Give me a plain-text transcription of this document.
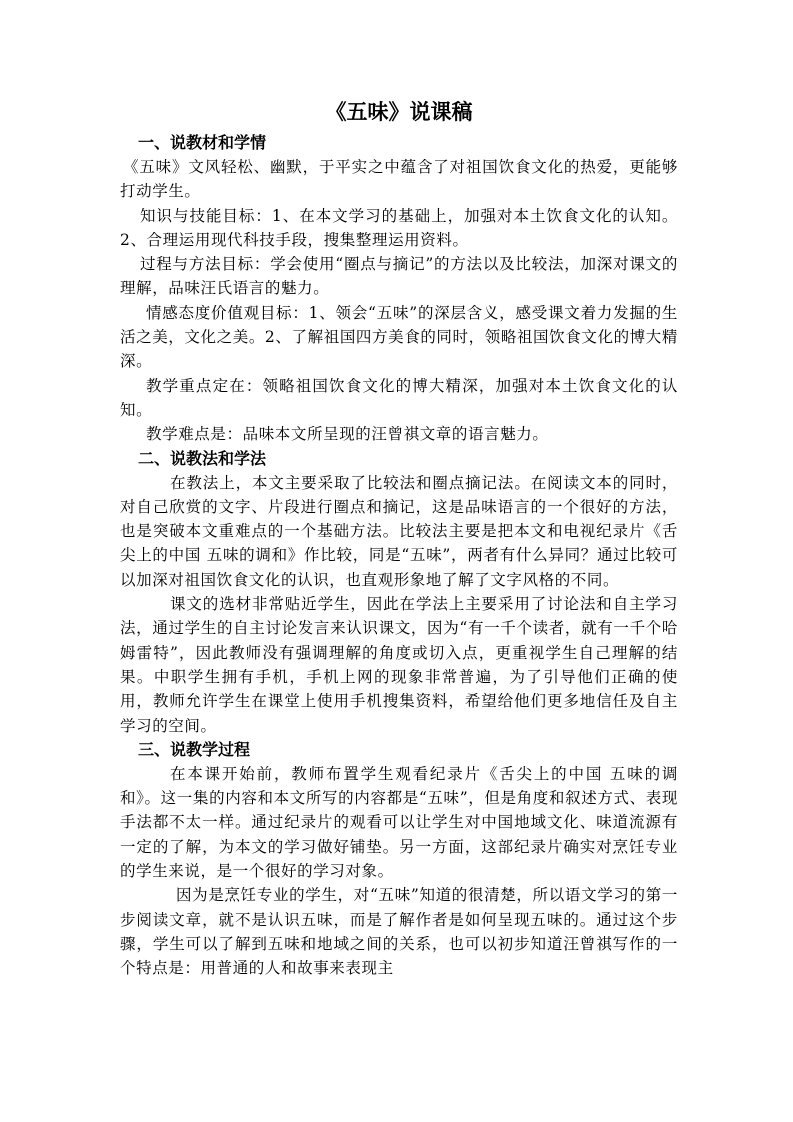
《五味》说课稿
一、说教材和学情

《五味》文风轻松、幽默，于平实之中蕴含了对祖国饮食文化的热爱，更能够打动学生。

知识与技能目标：1、在本文学习的基础上，加强对本土饮食文化的认知。2、合理运用现代科技手段，搜集整理运用资料。

过程与方法目标：学会使用“圈点与摘记”的方法以及比较法，加深对课文的理解，品味汪氏语言的魅力。

情感态度价值观目标：1、领会“五味”的深层含义，感受课文着力发掘的生活之美，文化之美。2、了解祖国四方美食的同时，领略祖国饮食文化的博大精深。

教学重点定在：领略祖国饮食文化的博大精深，加强对本土饮食文化的认知。

教学难点是：品味本文所呈现的汪曾祺文章的语言魅力。

二、说教法和学法

在教法上，本文主要采取了比较法和圈点摘记法。在阅读文本的同时，对自己欣赏的文字、片段进行圈点和摘记，这是品味语言的一个很好的方法，也是突破本文重难点的一个基础方法。比较法主要是把本文和电视纪录片《舌尖上的中国 五味的调和》作比较，同是“五味”，两者有什么异同？通过比较可以加深对祖国饮食文化的认识，也直观形象地了解了文字风格的不同。

课文的选材非常贴近学生，因此在学法上主要采用了讨论法和自主学习法，通过学生的自主讨论发言来认识课文，因为“有一千个读者，就有一千个哈姆雷特”，因此教师没有强调理解的角度或切入点，更重视学生自己理解的结果。中职学生拥有手机，手机上网的现象非常普遍，为了引导他们正确的使用，教师允许学生在课堂上使用手机搜集资料，希望给他们更多地信任及自主学习的空间。

三、说教学过程

在本课开始前，教师布置学生观看纪录片《舌尖上的中国 五味的调和》。这一集的内容和本文所写的内容都是“五味”，但是角度和叙述方式、表现手法都不太一样。通过纪录片的观看可以让学生对中国地域文化、味道流源有一定的了解，为本文的学习做好铺垫。另一方面，这部纪录片确实对烹饪专业的学生来说，是一个很好的学习对象。

因为是烹饪专业的学生，对“五味”知道的很清楚，所以语文学习的第一步阅读文章，就不是认识五味，而是了解作者是如何呈现五味的。通过这个步骤，学生可以了解到五味和地域之间的关系，也可以初步知道汪曾祺写作的一个特点是：用普通的人和故事来表现主
